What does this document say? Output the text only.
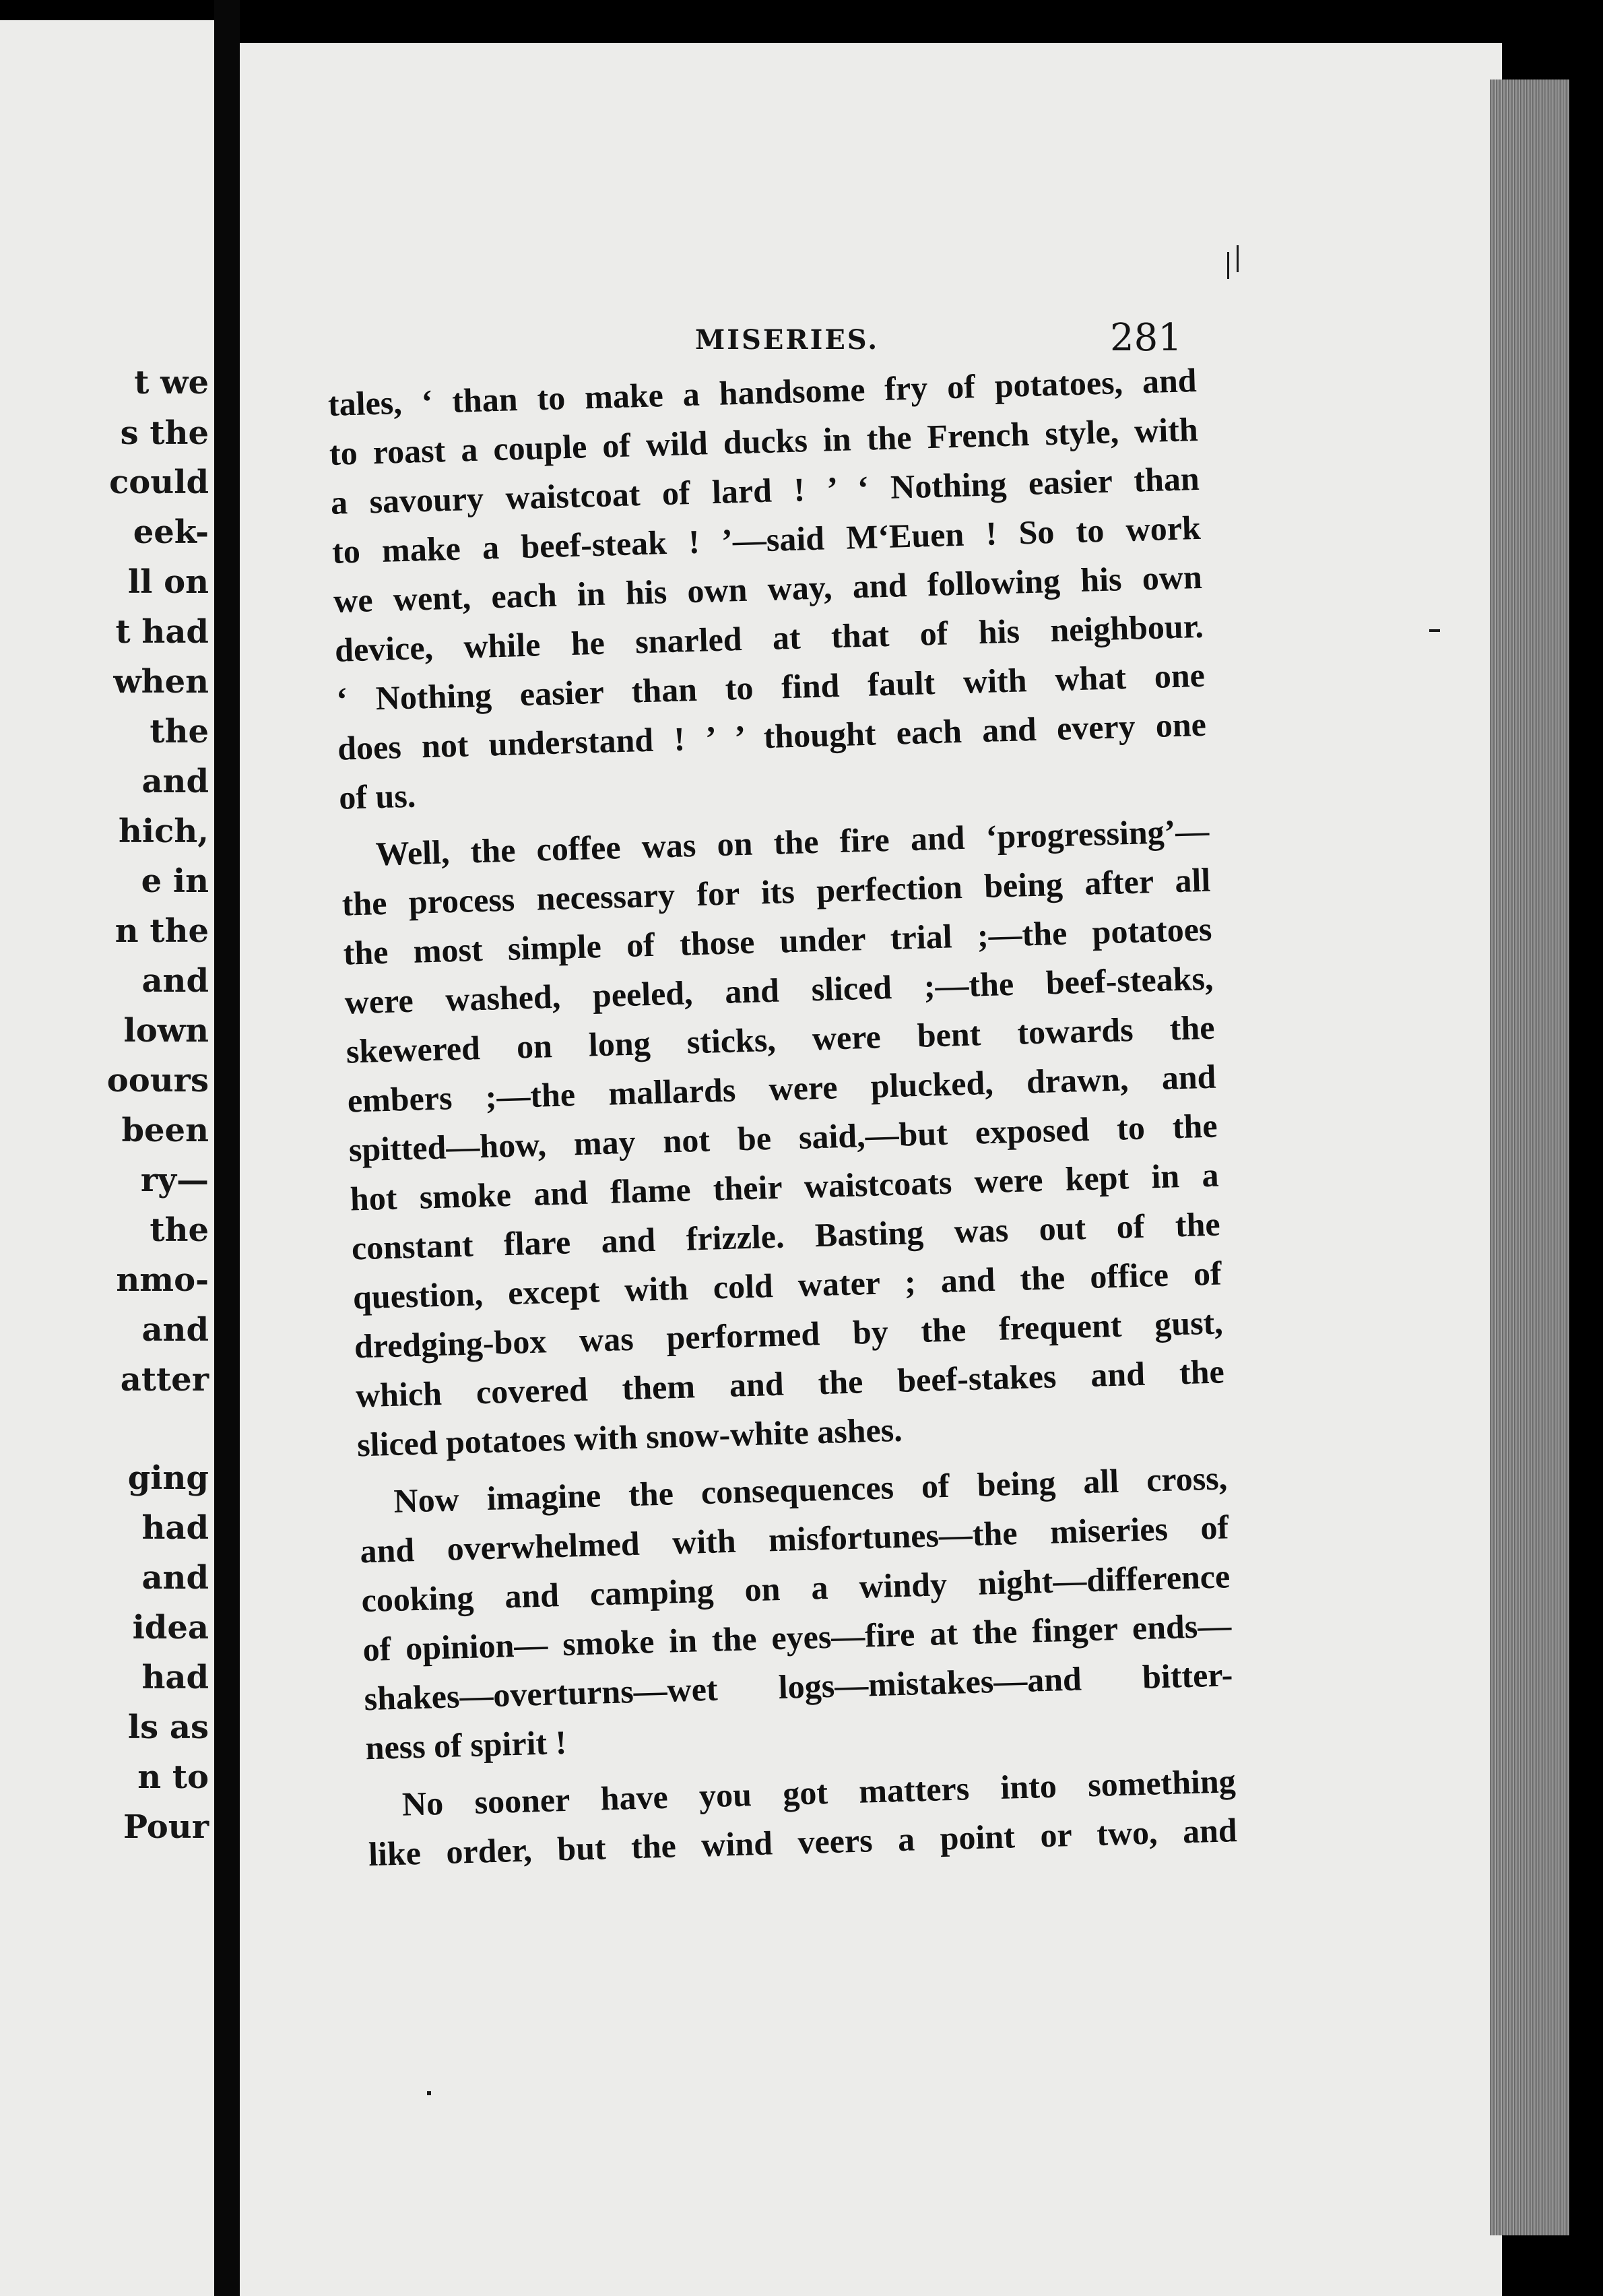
t we
s the
could
eek-
ll on
t had
when
the
and
hich,
e in
n the
and
lown
oours
been
ry—
the
nmo-
and
atter
ging
had
and
idea
had
ls as
n to
Pour
MISERIES.	281
tales, ‘ than to make a handsome fry of potatoes, and
to roast a couple of wild ducks in the French style, with
a savoury waistcoat of lard ! ’ ‘ Nothing easier than
to make a beef-steak ! ’—said M‘Euen ! So to work
we went, each in his own way, and following his own
device, while he snarled at that of his neighbour.
‘ Nothing easier than to find fault with what one
does not understand ! ’ ’ thought each and every one
of us.
Well, the coffee was on the fire and ‘progressing’—
the process necessary for its perfection being after all
the most simple of those under trial ;—the potatoes
were washed, peeled, and sliced ;—the beef-steaks,
skewered on long sticks, were bent towards the
embers ;—the mallards were plucked, drawn, and
spitted—how, may not be said,—but exposed to the
hot smoke and flame their waistcoats were kept in a
constant flare and frizzle. Basting was out of the
question, except with cold water ; and the office of
dredging-box was performed by the frequent gust,
which covered them and the beef-stakes and the
sliced potatoes with snow-white ashes.
Now imagine the consequences of being all cross,
and overwhelmed with misfortunes—the miseries of
cooking and camping on a windy night—difference
of opinion— smoke in the eyes—fire at the finger ends—
shakes—overturns—wet logs—mistakes—and bitter-
ness of spirit !
No sooner have you got matters into something
like order, but the wind veers a point or two, and
